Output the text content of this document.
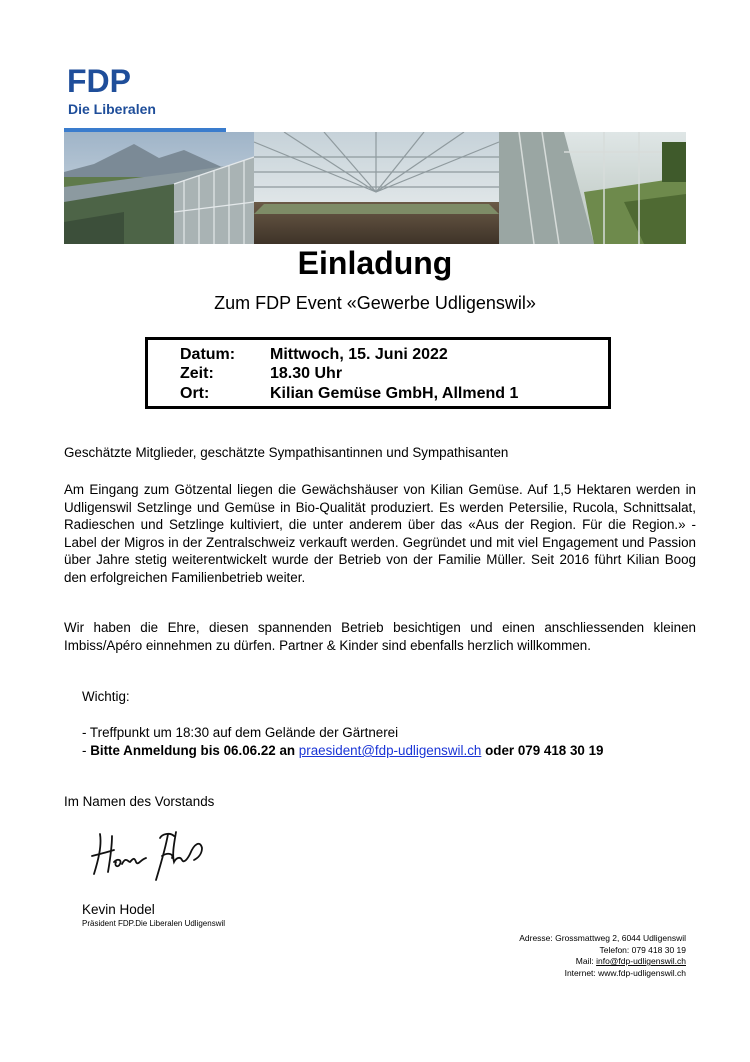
FDP
Die Liberalen
Einladung
Zum FDP Event «Gewerbe Udligenswil»
Datum: Mittwoch, 15. Juni 2022
Zeit:	18.30 Uhr
Ort:	Kilian Gemüse GmbH, Allmend 1
Geschätzte Mitglieder, geschätzte Sympathisantinnen und Sympathisanten
Am Eingang zum Götzental liegen die Gewächshäuser von Kilian Gemüse. Auf 1,5 Hektaren werden in Udligenswil Setzlinge und Gemüse in Bio-Qualität produziert. Es werden Petersilie, Rucola, Schnittsalat, Radieschen und Setzlinge kultiviert, die unter anderem über das «Aus der Region. Für die Region.» - Label der Migros in der Zentralschweiz verkauft werden. Gegründet und mit viel Engagement und Passion über Jahre stetig weiterentwickelt wurde der Betrieb von der Familie Müller. Seit 2016 führt Kilian Boog den erfolgreichen Familienbetrieb weiter.
Wir haben die Ehre, diesen spannenden Betrieb besichtigen und einen anschliessenden kleinen Imbiss/Apéro einnehmen zu dürfen. Partner & Kinder sind ebenfalls herzlich willkommen.
Wichtig:
- Treffpunkt um 18:30 auf dem Gelände der Gärtnerei
- Bitte Anmeldung bis 06.06.22 an praesident@fdp-udligenswil.ch oder 079 418 30 19
Im Namen des Vorstands
Kevin Hodel
Präsident FDP.Die Liberalen Udligenswil
Adresse: Grossmattweg 2, 6044 Udligenswil
Telefon: 079 418 30 19
Mail: info@fdp-udligenswil.ch
Internet: www.fdp-udligenswil.ch
